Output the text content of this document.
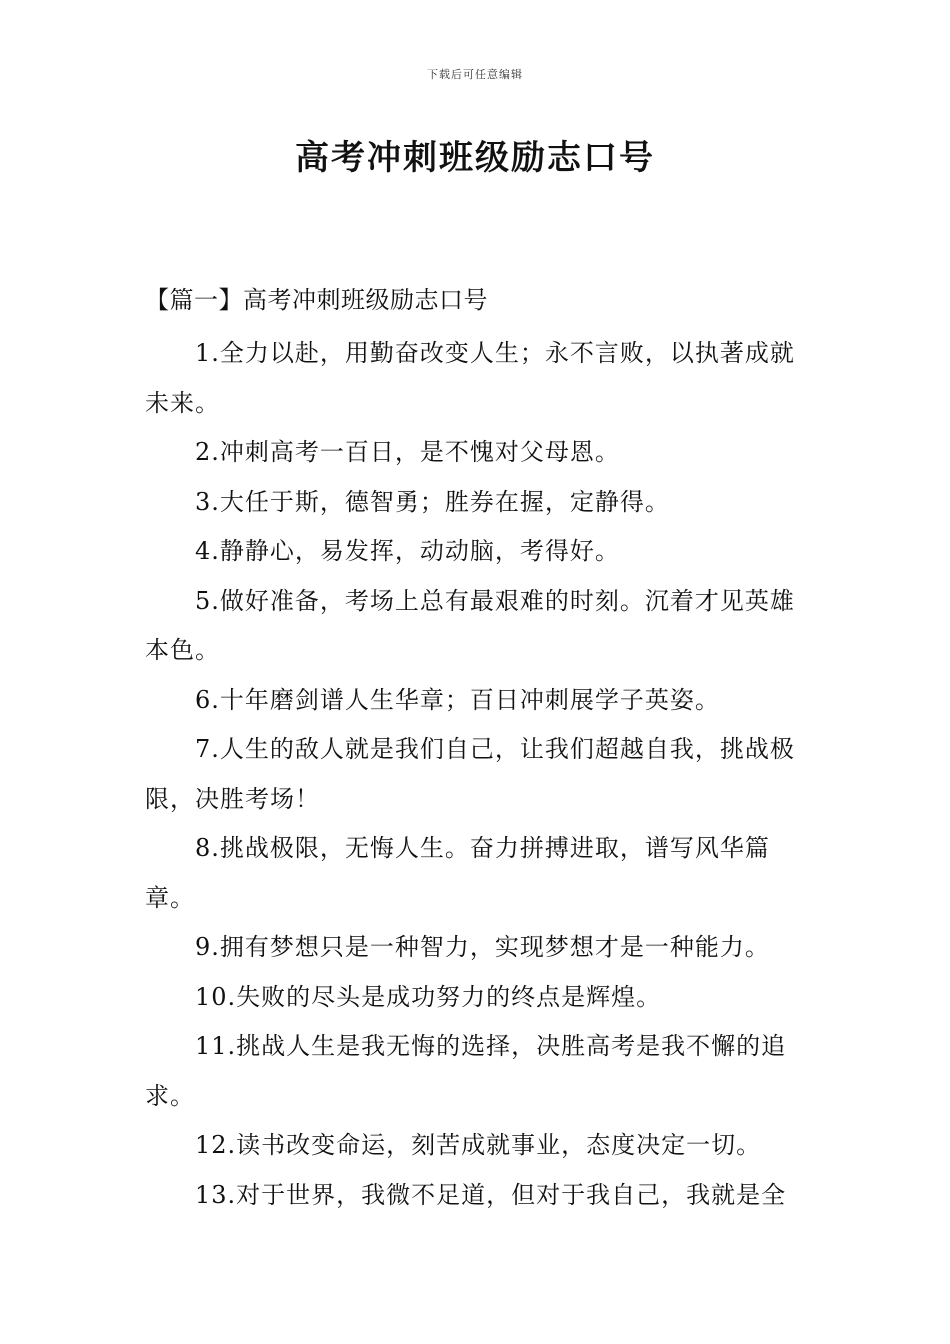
下载后可任意编辑
高考冲刺班级励志口号

【篇一】高考冲刺班级励志口号

1.全力以赴，用勤奋改变人生；永不言败，以执著成就未来。

2.冲刺高考一百日，是不愧对父母恩。

3.大任于斯，德智勇；胜券在握，定静得。

4.静静心，易发挥，动动脑，考得好。

5.做好准备，考场上总有最艰难的时刻。沉着才见英雄本色。

6.十年磨剑谱人生华章；百日冲刺展学子英姿。

7.人生的敌人就是我们自己，让我们超越自我，挑战极限，决胜考场！

8.挑战极限，无悔人生。奋力拼搏进取，谱写风华篇章。

9.拥有梦想只是一种智力，实现梦想才是一种能力。

10.失败的尽头是成功努力的终点是辉煌。

11.挑战人生是我无悔的选择，决胜高考是我不懈的追求。

12.读书改变命运，刻苦成就事业，态度决定一切。

13.对于世界，我微不足道，但对于我自己，我就是全
